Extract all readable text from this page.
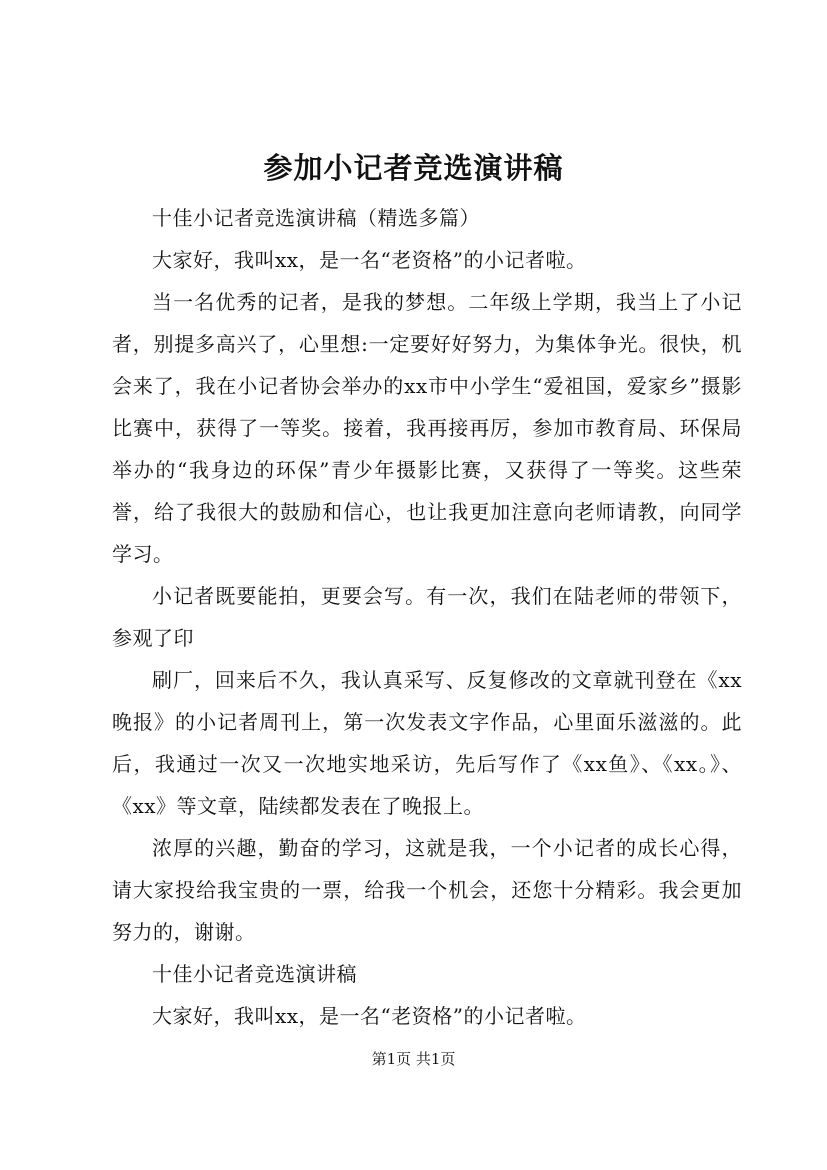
参加小记者竞选演讲稿

十佳小记者竞选演讲稿（精选多篇）

大家好，我叫xx，是一名“老资格”的小记者啦。

当一名优秀的记者，是我的梦想。二年级上学期，我当上了小记者，别提多高兴了，心里想:一定要好好努力，为集体争光。很快，机会来了，我在小记者协会举办的xx市中小学生“爱祖国，爱家乡”摄影比赛中，获得了一等奖。接着，我再接再厉，参加市教育局、环保局举办的“我身边的环保”青少年摄影比赛，又获得了一等奖。这些荣誉，给了我很大的鼓励和信心，也让我更加注意向老师请教，向同学学习。

小记者既要能拍，更要会写。有一次，我们在陆老师的带领下，参观了印

刷厂，回来后不久，我认真采写、反复修改的文章就刊登在《xx晚报》的小记者周刊上，第一次发表文字作品，心里面乐滋滋的。此后，我通过一次又一次地实地采访，先后写作了《xx鱼》、《xx。》、《xx》等文章，陆续都发表在了晚报上。

浓厚的兴趣，勤奋的学习，这就是我，一个小记者的成长心得，请大家投给我宝贵的一票，给我一个机会，还您十分精彩。我会更加努力的，谢谢。

十佳小记者竞选演讲稿

大家好，我叫xx，是一名“老资格”的小记者啦。

第1页 共1页
